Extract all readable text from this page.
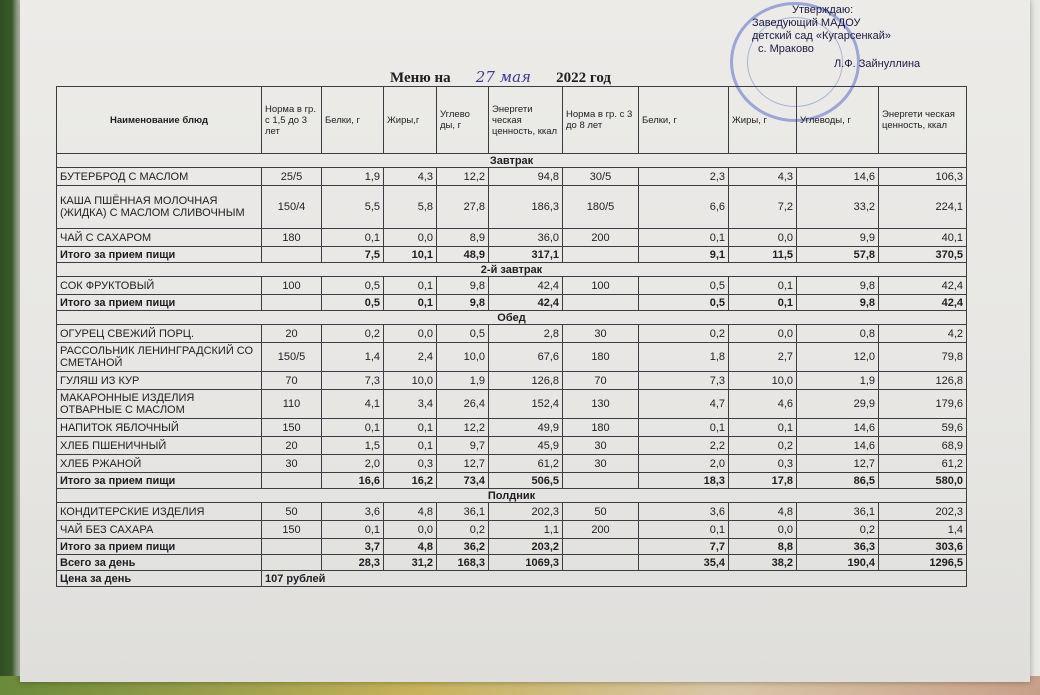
Утверждаю:
Заведующий МАДОУ
детский сад «Кугарсенкай»
с. Мраково
Л.Ф. Зайнуллина
Меню на 27 мая 2022 год
Наименование блюд	Норма в гр. с 1,5 до 3 лет	Белки, г	Жиры,г	Углево ды, г	Энергети ческая ценность, ккал	Норма в гр. с 3 до 8 лет	Белки, г	Жиры, г	Углеводы, г	Энергети ческая ценность, ккал
Завтрак										
БУТЕРБРОД С МАСЛОМ	25/5	1,9	4,3	12,2	94,8	30/5	2,3	4,3	14,6	106,3
КАША ПШЁННАЯ МОЛОЧНАЯ (ЖИДКА) С МАСЛОМ СЛИВОЧНЫМ	150/4	5,5	5,8	27,8	186,3	180/5	6,6	7,2	33,2	224,1
ЧАЙ С САХАРОМ	180	0,1	0,0	8,9	36,0	200	0,1	0,0	9,9	40,1
Итого за прием пищи		7,5	10,1	48,9	317,1		9,1	11,5	57,8	370,5
2-й завтрак										
СОК ФРУКТОВЫЙ	100	0,5	0,1	9,8	42,4	100	0,5	0,1	9,8	42,4
Итого за прием пищи		0,5	0,1	9,8	42,4		0,5	0,1	9,8	42,4
Обед										
ОГУРЕЦ СВЕЖИЙ ПОРЦ.	20	0,2	0,0	0,5	2,8	30	0,2	0,0	0,8	4,2
РАССОЛЬНИК ЛЕНИНГРАДСКИЙ СО СМЕТАНОЙ	150/5	1,4	2,4	10,0	67,6	180	1,8	2,7	12,0	79,8
ГУЛЯШ ИЗ КУР	70	7,3	10,0	1,9	126,8	70	7,3	10,0	1,9	126,8
МАКАРОННЫЕ ИЗДЕЛИЯ ОТВАРНЫЕ С МАСЛОМ	110	4,1	3,4	26,4	152,4	130	4,7	4,6	29,9	179,6
НАПИТОК ЯБЛОЧНЫЙ	150	0,1	0,1	12,2	49,9	180	0,1	0,1	14,6	59,6
ХЛЕБ ПШЕНИЧНЫЙ	20	1,5	0,1	9,7	45,9	30	2,2	0,2	14,6	68,9
ХЛЕБ РЖАНОЙ	30	2,0	0,3	12,7	61,2	30	2,0	0,3	12,7	61,2
Итого за прием пищи		16,6	16,2	73,4	506,5		18,3	17,8	86,5	580,0
Полдник										
КОНДИТЕРСКИЕ ИЗДЕЛИЯ	50	3,6	4,8	36,1	202,3	50	3,6	4,8	36,1	202,3
ЧАЙ БЕЗ САХАРА	150	0,1	0,0	0,2	1,1	200	0,1	0,0	0,2	1,4
Итого за прием пищи		3,7	4,8	36,2	203,2		7,7	8,8	36,3	303,6
Всего за день		28,3	31,2	168,3	1069,3		35,4	38,2	190,4	1296,5
Цена за день	107 рублей									
